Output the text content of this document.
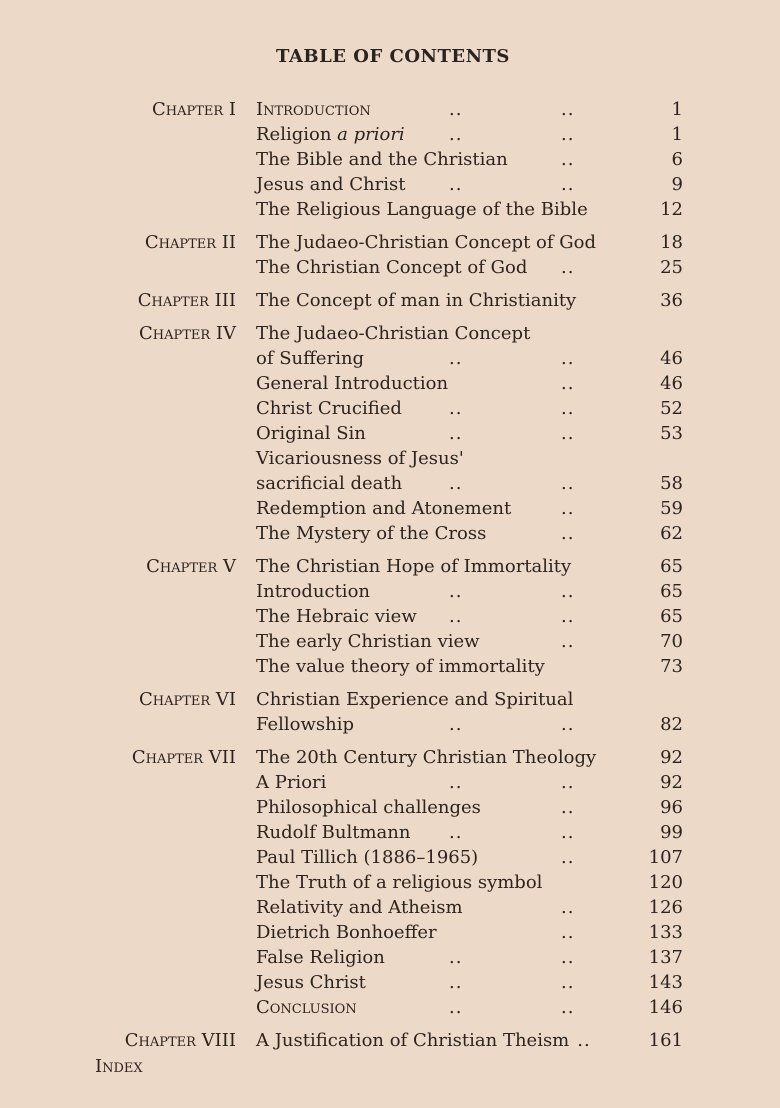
TABLE OF CONTENTS
Chapter I Introduction	..	..	1
Religion a priori ..	..	1
The Bible and the Christian	..	6
Jesus and Christ ..	..	9
The Religious Language of the Bible	12
Chapter II The Judaeo-Christian Concept of God	18
The Christian Concept of God ..	25
Chapter III The Concept of man in Christianity	36
Chapter IV The Judaeo-Christian Concept
of Suffering	..	..	46
General Introduction	..	46
Christ Crucified	..	..	52
Original Sin	..	..	53
Vicariousness of Jesus'
sacrificial death	..	..	58
Redemption and Atonement	..	59
The Mystery of the Cross	..	62
Chapter V The Christian Hope of Immortality	65
Introduction	..	..	65
The Hebraic view ..	..	65
The early Christian view	..	70
The value theory of immortality	73
Chapter VI Christian Experience and Spiritual
Fellowship	..	..	82
Chapter VII The 20th Century Christian Theology	92
A Priori	..	..	92
Philosophical challenges	..	96
Rudolf Bultmann ..	..	99
Paul Tillich (1886–1965)	..	107
The Truth of a religious symbol	120
Relativity and Atheism	..	126
Dietrich Bonhoeffer	..	133
False Religion	..	..	137
Jesus Christ	..	..	143
Conclusion	..	..	146
Chapter VIII A Justification of Christian Theism ..	161
Index
